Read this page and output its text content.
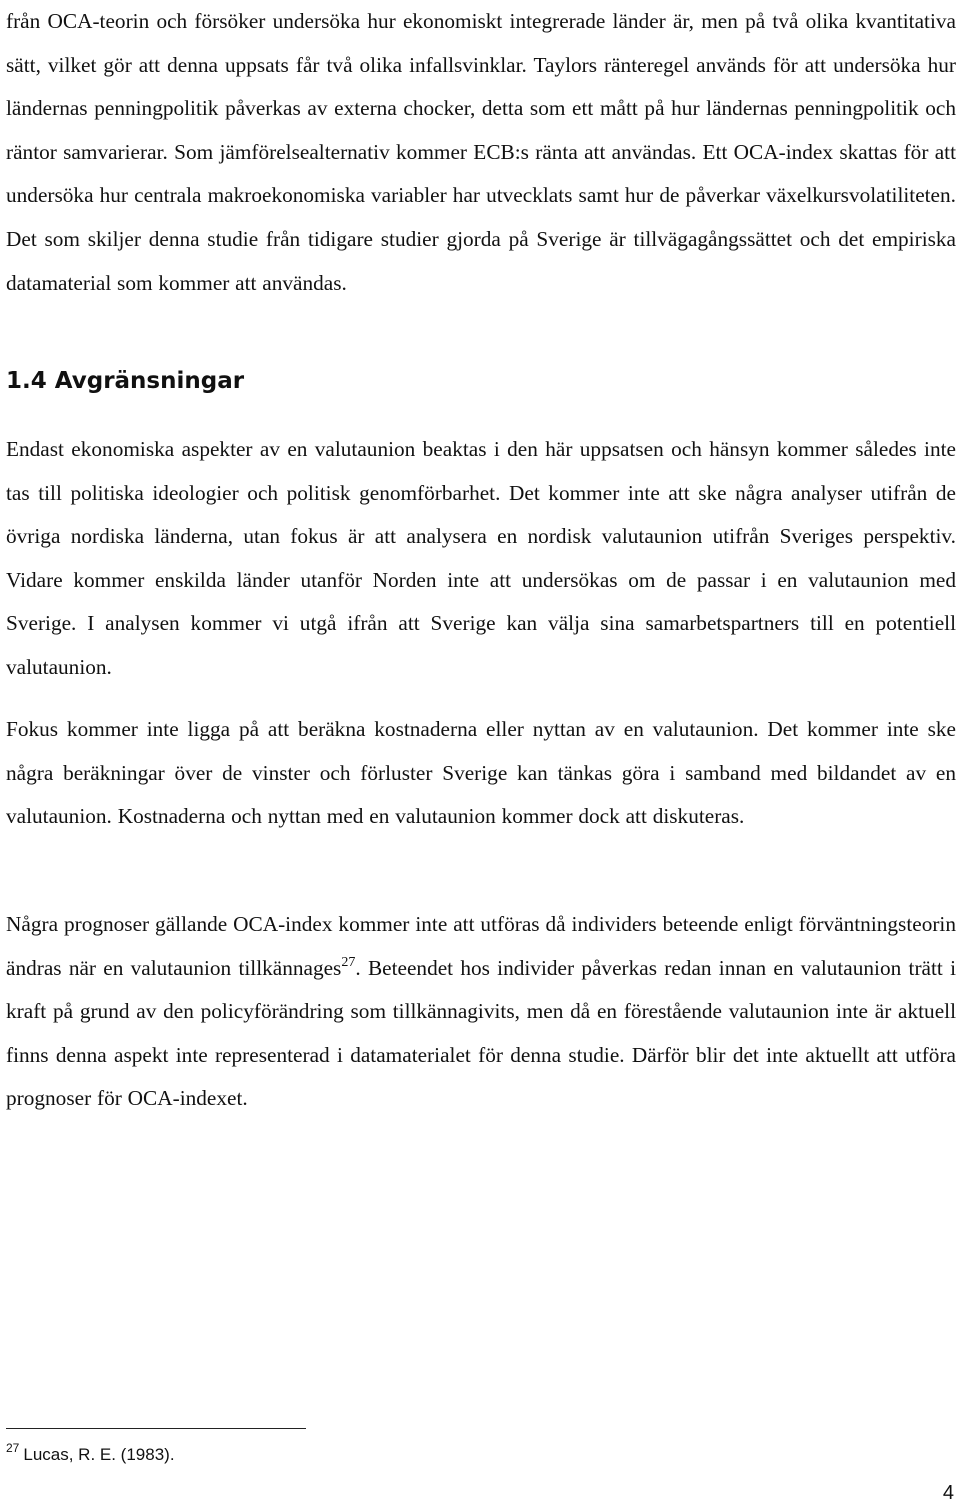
från OCA-teorin och försöker undersöka hur ekonomiskt integrerade länder är, men på två olika kvantitativa sätt, vilket gör att denna uppsats får två olika infallsvinklar. Taylors ränteregel används för att undersöka hur ländernas penningpolitik påverkas av externa chocker, detta som ett mått på hur ländernas penningpolitik och räntor samvarierar. Som jämförelsealternativ kommer ECB:s ränta att användas. Ett OCA-index skattas för att undersöka hur centrala makroekonomiska variabler har utvecklats samt hur de påverkar växelkursvolatiliteten. Det som skiljer denna studie från tidigare studier gjorda på Sverige är tillvägagångssättet och det empiriska datamaterial som kommer att användas.

1.4 Avgränsningar

Endast ekonomiska aspekter av en valutaunion beaktas i den här uppsatsen och hänsyn kommer således inte tas till politiska ideologier och politisk genomförbarhet. Det kommer inte att ske några analyser utifrån de övriga nordiska länderna, utan fokus är att analysera en nordisk valutaunion utifrån Sveriges perspektiv. Vidare kommer enskilda länder utanför Norden inte att undersökas om de passar i en valutaunion med Sverige. I analysen kommer vi utgå ifrån att Sverige kan välja sina samarbetspartners till en potentiell valutaunion.

Fokus kommer inte ligga på att beräkna kostnaderna eller nyttan av en valutaunion. Det kommer inte ske några beräkningar över de vinster och förluster Sverige kan tänkas göra i samband med bildandet av en valutaunion. Kostnaderna och nyttan med en valutaunion kommer dock att diskuteras.

Några prognoser gällande OCA-index kommer inte att utföras då individers beteende enligt förväntningsteorin ändras när en valutaunion tillkännages$^{27}$. Beteendet hos individer påverkas redan innan en valutaunion trätt i kraft på grund av den policyförändring som tillkännagivits, men då en förestående valutaunion inte är aktuell finns denna aspekt inte representerad i datamaterialet för denna studie. Därför blir det inte aktuellt att utföra prognoser för OCA-indexet.

$^{27}$ Lucas, R. E. (1983).

4
